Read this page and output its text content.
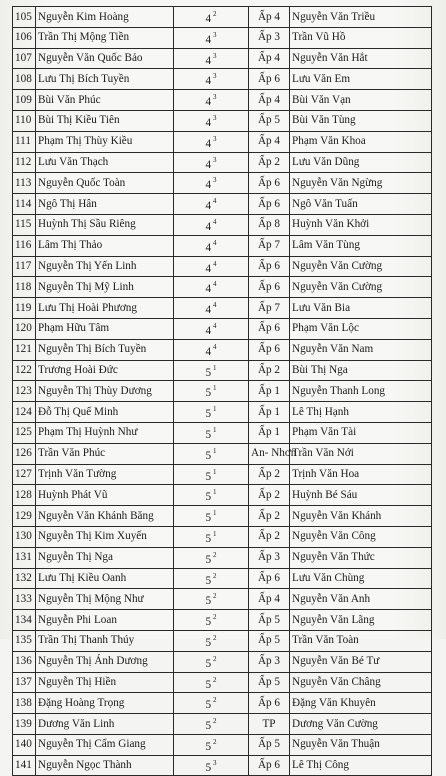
105	Nguyễn Kim Hoàng	4 $^2$	Ấp 4	Nguyễn Văn Triều
106	Trần Thị Mộng Tiền	4 $^3$	Ấp 3	Trần Vũ Hồ
107	Nguyễn Văn Quốc Bảo	4 $^3$	Ấp 4	Nguyễn Văn Hắt
108	Lưu Thị Bích Tuyền	4 $^3$	Ấp 6	Lưu Văn Em
109	Bùi Văn Phúc	4 $^3$	Ấp 4	Bùi Văn Vạn
110	Bùi Thị Kiều Tiên	4 $^3$	Ấp 5	Bùi Văn Tùng
111	Phạm Thị Thùy Kiều	4 $^3$	Ấp 4	Phạm Văn Khoa
112	Lưu Văn Thạch	4 $^3$	Ấp 2	Lưu Văn Dũng
113	Nguyễn Quốc Toàn	4 $^3$	Ấp 6	Nguyễn Văn Ngừng
114	Ngô Thị Hân	4 $^4$	Ấp 6	Ngô Văn Tuấn
115	Huỳnh Thị Sầu Riêng	4 $^4$	Ấp 8	Huỳnh Văn Khởi
116	Lâm Thị Thảo	4 $^4$	Ấp 7	Lâm Văn Tùng
117	Nguyễn Thị Yến Linh	4 $^4$	Ấp 6	Nguyễn Văn Cường
118	Nguyễn Thị Mỹ Linh	4 $^4$	Ấp 6	Nguyễn Văn Cường
119	Lưu Thị Hoài Phương	4 $^4$	Ấp 7	Lưu Văn Bia
120	Phạm Hữu Tâm	4 $^4$	Ấp 6	Phạm Văn Lộc
121	Nguyễn Thị Bích Tuyền	4 $^4$	Ấp 6	Nguyễn Văn Nam
122	Trương Hoài Đức	5 $^1$	Ấp 2	Bùi Thị Nga
123	Nguyễn Thị Thùy Dương	5 $^1$	Ấp 1	Nguyễn Thanh Long
124	Đỗ Thị Quế Minh	5 $^1$	Ấp 1	Lê Thị Hạnh
125	Phạm Thị Huỳnh Như	5 $^1$	Ấp 1	Phạm Văn Tài
126	Trần Văn Phúc	5 $^1$	An- Nhơn	Trần Văn Nới
127	Trịnh Văn Tường	5 $^1$	Ấp 2	Trịnh Văn Hoa
128	Huỳnh Phát Vũ	5 $^1$	Ấp 2	Huỳnh Bé Sáu
129	Nguyễn Văn Khánh Băng	5 $^1$	Ấp 2	Nguyễn Văn Khánh
130	Nguyễn Thị Kim Xuyến	5 $^1$	Ấp 2	Nguyễn Văn Công
131	Nguyễn Thị Nga	5 $^2$	Ấp 3	Nguyễn Văn Thức
132	Lưu Thị Kiều Oanh	5 $^2$	Ấp 6	Lưu Văn Chùng
133	Nguyễn Thị Mộng Như	5 $^2$	Ấp 4	Nguyễn Văn Anh
134	Nguyễn Phi Loan	5 $^2$	Ấp 5	Nguyễn Văn Lãng
135	Trần Thị Thanh Thúy	5 $^2$	Ấp 5	Trần Văn Toàn
136	Nguyễn Thị Ánh Dương	5 $^2$	Ấp 3	Nguyễn Văn Bé Tư
137	Nguyễn Thị Hiền	5 $^2$	Ấp 5	Nguyễn Văn Châng
138	Đặng Hoàng Trọng	5 $^2$	Ấp 6	Đặng Văn Khuyên
139	Dương Văn Linh	5 $^2$	TP	Dương Văn Cường
140	Nguyễn Thị Cẩm Giang	5 $^2$	Ấp 5	Nguyễn Văn Thuận
141	Nguyễn Ngọc Thành	5 $^3$	Ấp 6	Lê Thị Công
